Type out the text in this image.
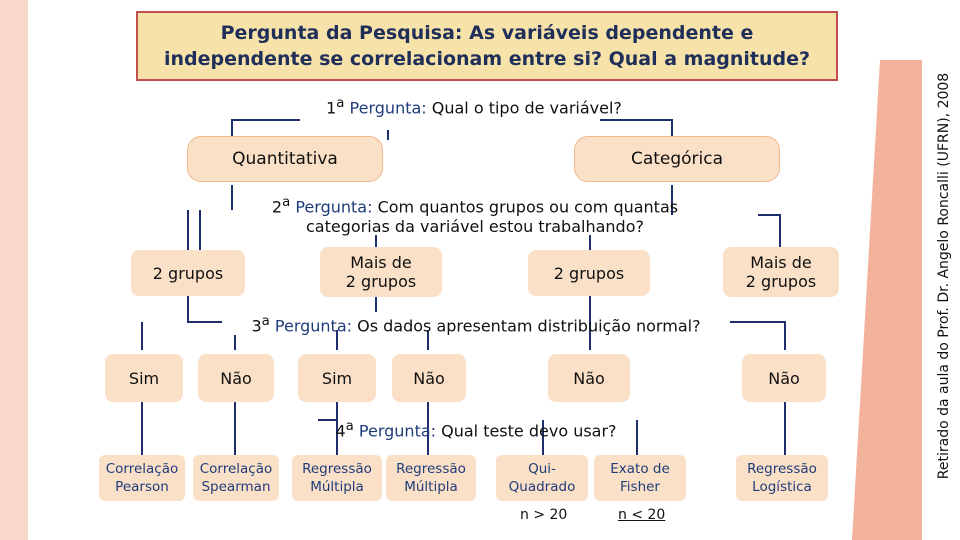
Pergunta da Pesquisa: As variáveis dependente e
independente se correlacionam entre si? Qual a magnitude?
Retirado da aula do Prof. Dr. Angelo Roncalli (UFRN), 2008
1$^a$ Pergunta: Qual o tipo de variável?
Quantitativa	Categórica
2$^a$ Pergunta: Com quantos grupos ou com quantas
categorias da variável estou trabalhando?
2 grupos
Mais de
2 grupos	2 grupos
Mais de
2 grupos
3$^a$ Pergunta: Os dados apresentam distribuição normal?
Sim	Não	Sim	Não	Não	Não
4$^a$ Pergunta: Qual teste devo usar?
Correlação
Pearson
Correlação
Spearman
Regressão
Múltipla
Regressão
Múltipla
Qui-
Quadrado
Exato de
Fisher
Regressão
Logística
n > 20	n < 20
